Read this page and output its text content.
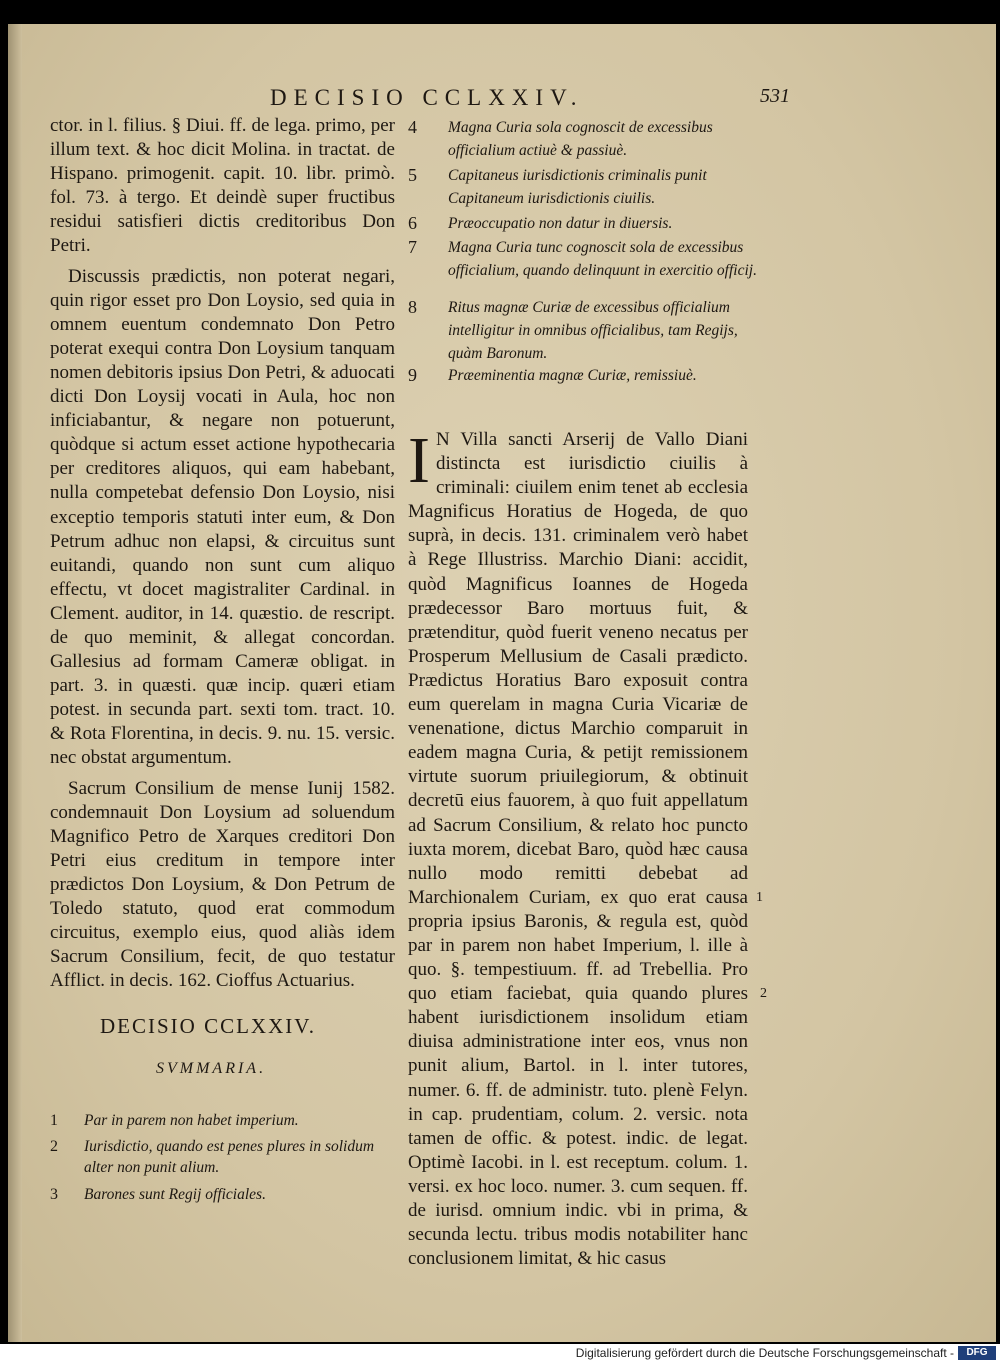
DECISIO CCLXXIV.	531

ctor. in l. filius. § Diui. ff. de lega. primo, per illum text. & hoc dicit Molina. in tractat. de Hispano. primogenit. capit. 10. libr. primò. fol. 73. à tergo. Et deindè super fructibus residui satisfieri dictis creditoribus Don Petri.

Discussis prædictis, non poterat negari, quin rigor esset pro Don Loysio, sed quia in omnem euentum condemnato Don Petro poterat exequi contra Don Loysium tanquam nomen debitoris ipsius Don Petri, & aduocati dicti Don Loysij vocati in Aula, hoc non inficiabantur, & negare non potuerunt, quòdque si actum esset actione hypothecaria per creditores aliquos, qui eam habebant, nulla competebat defensio Don Loysio, nisi exceptio temporis statuti inter eum, & Don Petrum adhuc non elapsi, & circuitus sunt euitandi, quando non sunt cum aliquo effectu, vt docet magistraliter Cardinal. in Clement. auditor, in 14. quæstio. de rescript. de quo meminit, & allegat concordan. Gallesius ad formam Cameræ obligat. in part. 3. in quæsti. quæ incip. quæri etiam potest. in secunda part. sexti tom. tract. 10. & Rota Florentina, in decis. 9. nu. 15. versic. nec obstat argumentum.

Sacrum Consilium de mense Iunij 1582. condemnauit Don Loysium ad soluendum Magnifico Petro de Xarques creditori Don Petri eius creditum in tempore inter prædictos Don Loysium, & Don Petrum de Toledo statuto, quod erat commodum circuitus, exemplo eius, quod aliàs idem Sacrum Consilium, fecit, de quo testatur Afflict. in decis. 162. Cioffus Actuarius.

DECISIO CCLXXIV.
SVMMARIA.
1 Par in parem non habet imperium.
2 Iurisdictio, quando est penes plures in solidum alter non punit alium.
3 Barones sunt Regij officiales.
4 Magna Curia sola cognoscit de excessibus officialium actiuè & passiuè.
5 Capitaneus iurisdictionis criminalis punit Capitaneum iurisdictionis ciuilis.
6 Præoccupatio non datur in diuersis.
7 Magna Curia tunc cognoscit sola de excessibus officialium, quando delinquunt in exercitio officij.
8 Ritus magnæ Curiæ de excessibus officialium intelligitur in omnibus officialibus, tam Regijs, quàm Baronum.
9 Præeminentia magnæ Curiæ, remissiuè.
I N Villa sancti Arserij de Vallo Diani distincta est iurisdictio ciuilis à criminali: ciuilem enim tenet ab ecclesia Magnificus Horatius de Hogeda, de quo suprà, in decis. 131. criminalem verò habet à Rege Illustriss. Marchio Diani: accidit, quòd Magnificus Ioannes de Hogeda prædecessor Baro mortuus fuit, & prætenditur, quòd fuerit veneno necatus per Prosperum Mellusium de Casali prædicto. Prædictus Horatius Baro exposuit contra eum querelam in magna Curia Vicariæ de venenatione, dictus Marchio comparuit in eadem magna Curia, & petijt remissionem virtute suorum priuilegiorum, & obtinuit decretū eius fauorem, à quo fuit appellatum ad Sacrum Consilium, & relato hoc puncto iuxta morem, dicebat Baro, quòd hæc causa nullo modo remitti debebat ad Marchionalem Curiam, ex quo erat causa propria ipsius Baronis, & regula est, quòd par in parem non habet Imperium, l. ille à quo. §. tempestiuum. ff. ad Trebellia. Pro quo etiam faciebat, quia quando plures habent iurisdictionem insolidum etiam diuisa administratione inter eos, vnus non punit alium, Bartol. in l. inter tutores, numer. 6. ff. de administr. tuto. plenè Felyn. in cap. prudentiam, colum. 2. versic. nota tamen de offic. & potest. indic. de legat. Optimè Iacobi. in l. est receptum. colum. 1. versi. ex hoc loco. numer. 3. cum sequen. ff. de iurisd. omnium indic. vbi in prima, & secunda lectu. tribus modis notabiliter hanc conclusionem limitat, & hic casus
1
2
Digitalisierung gefördert durch die Deutsche Forschungsgemeinschaft -	DFG
